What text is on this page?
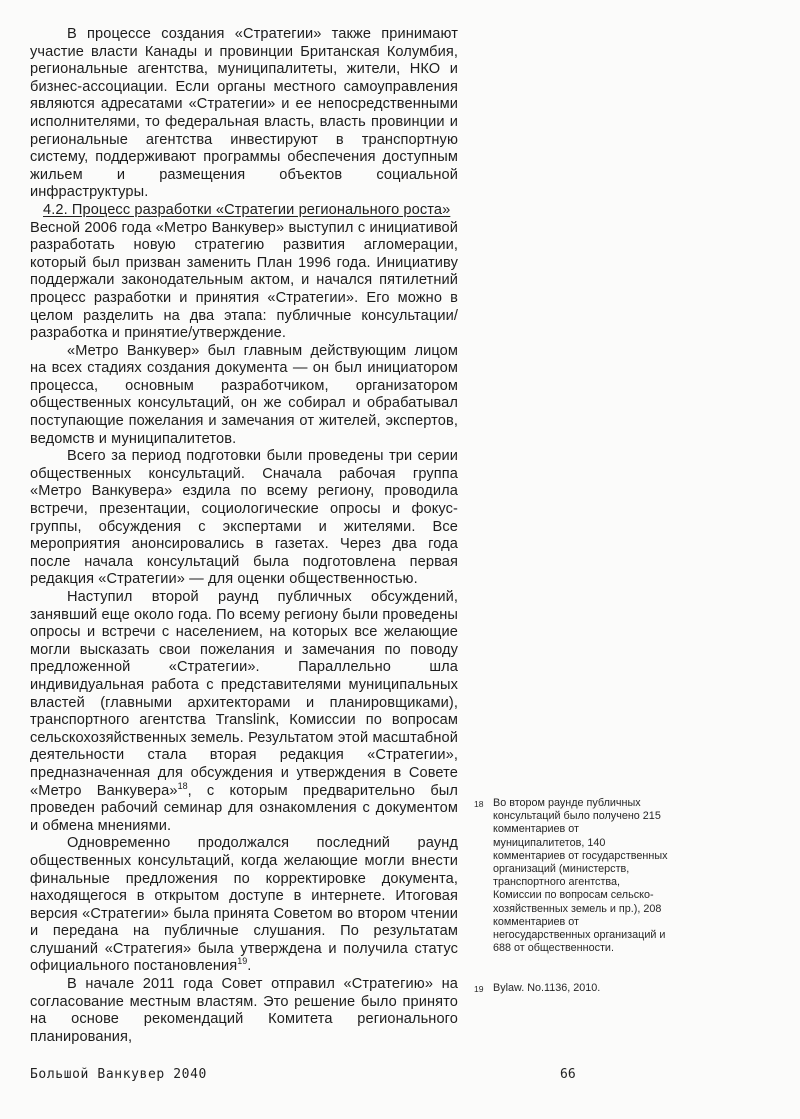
В процессе создания «Стратегии» также принимают участие власти Канады и провинции Британская Колумбия, региональные агентства, муниципалитеты, жители, НКО и бизнес-ассоциации. Если органы местного самоуправления являются адресатами «Стратегии» и ее непосредственными исполнителями, то федеральная власть, власть провинции и региональные агентства инвестируют в транспортную систему, поддерживают программы обеспечения доступным жильем и размещения объектов социальной инфраструктуры.

4.2. Процесс разработки «Стратегии регионального роста»

Весной 2006 года «Метро Ванкувер» выступил с инициативой разработать новую стратегию развития агломерации, который был призван заменить План 1996 года. Инициативу поддержали законодательным актом, и начался пятилетний процесс разработки и принятия «Стратегии». Его можно в целом разделить на два этапа: публичные консультации/разработка и принятие/утверждение.

«Метро Ванкувер» был главным действующим лицом на всех стадиях создания документа — он был инициатором процесса, основным разработчиком, организатором общественных консультаций, он же собирал и обрабатывал поступающие пожелания и замечания от жителей, экспертов, ведомств и муниципалитетов.

Всего за период подготовки были проведены три серии общественных консультаций. Сначала рабочая группа «Метро Ванкувера» ездила по всему региону, проводила встречи, презентации, социологические опросы и фокус-группы, обсуждения с экспертами и жителями. Все мероприятия анонсировались в газетах. Через два года после начала консультаций была подготовлена первая редакция «Стратегии» — для оценки общественностью.

Наступил второй раунд публичных обсуждений, занявший еще около года. По всему региону были проведены опросы и встречи с населением, на которых все желающие могли высказать свои пожелания и замечания по поводу предложенной «Стратегии». Параллельно шла индивидуальная работа с представителями муниципальных властей (главными архитекторами и планировщиками), транспортного агентства Translink, Комиссии по вопросам сельскохозяйственных земель. Результатом этой масштабной деятельности стала вторая редакция «Стратегии», предназначенная для обсуждения и утверждения в Совете «Метро Ванкувера»$^{18}$, с которым предварительно был проведен рабочий семинар для ознакомления с документом и обмена мнениями.

Одновременно продолжался последний раунд общественных консультаций, когда желающие могли внести финальные предложения по корректировке документа, находящегося в открытом доступе в интернете. Итоговая версия «Стратегии» была принята Советом во втором чтении и передана на публичные слушания. По результатам слушаний «Стратегия» была утверждена и получила статус официального постановления$^{19}$.

В начале 2011 года Совет отправил «Стратегию» на согласование местным властям. Это решение было принято на основе рекомендаций Комитета регионального планирования,

18 Во втором раунде публичных консультаций было получено 215 комментариев от муниципалитетов, 140 комментариев от государственных организаций (министерств, транспортного агентства, Комиссии по вопросам сельско-хозяйственных земель и пр.), 208 комментариев от негосударственных организаций и 688 от общественности.
19 Bylaw. No.1136, 2010.
Большой Ванкувер 2040	66
